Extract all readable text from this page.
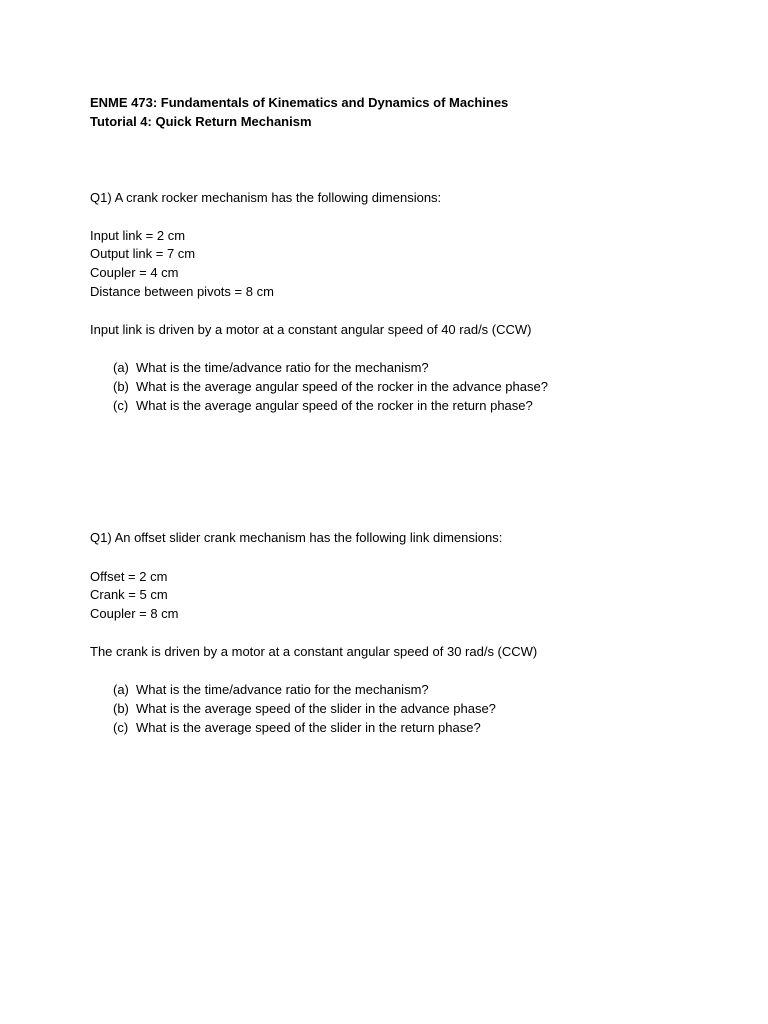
ENME 473: Fundamentals of Kinematics and Dynamics of Machines
Tutorial 4: Quick Return Mechanism
Q1) A crank rocker mechanism has the following dimensions:
Input link = 2 cm
Output link = 7 cm
Coupler = 4 cm
Distance between pivots = 8 cm
Input link is driven by a motor at a constant angular speed of 40 rad/s (CCW)
(a) What is the time/advance ratio for the mechanism?
(b) What is the average angular speed of the rocker in the advance phase?
(c) What is the average angular speed of the rocker in the return phase?
Q1) An offset slider crank mechanism has the following link dimensions:
Offset = 2 cm
Crank = 5 cm
Coupler = 8 cm
The crank is driven by a motor at a constant angular speed of 30 rad/s (CCW)
(a) What is the time/advance ratio for the mechanism?
(b) What is the average speed of the slider in the advance phase?
(c) What is the average speed of the slider in the return phase?
